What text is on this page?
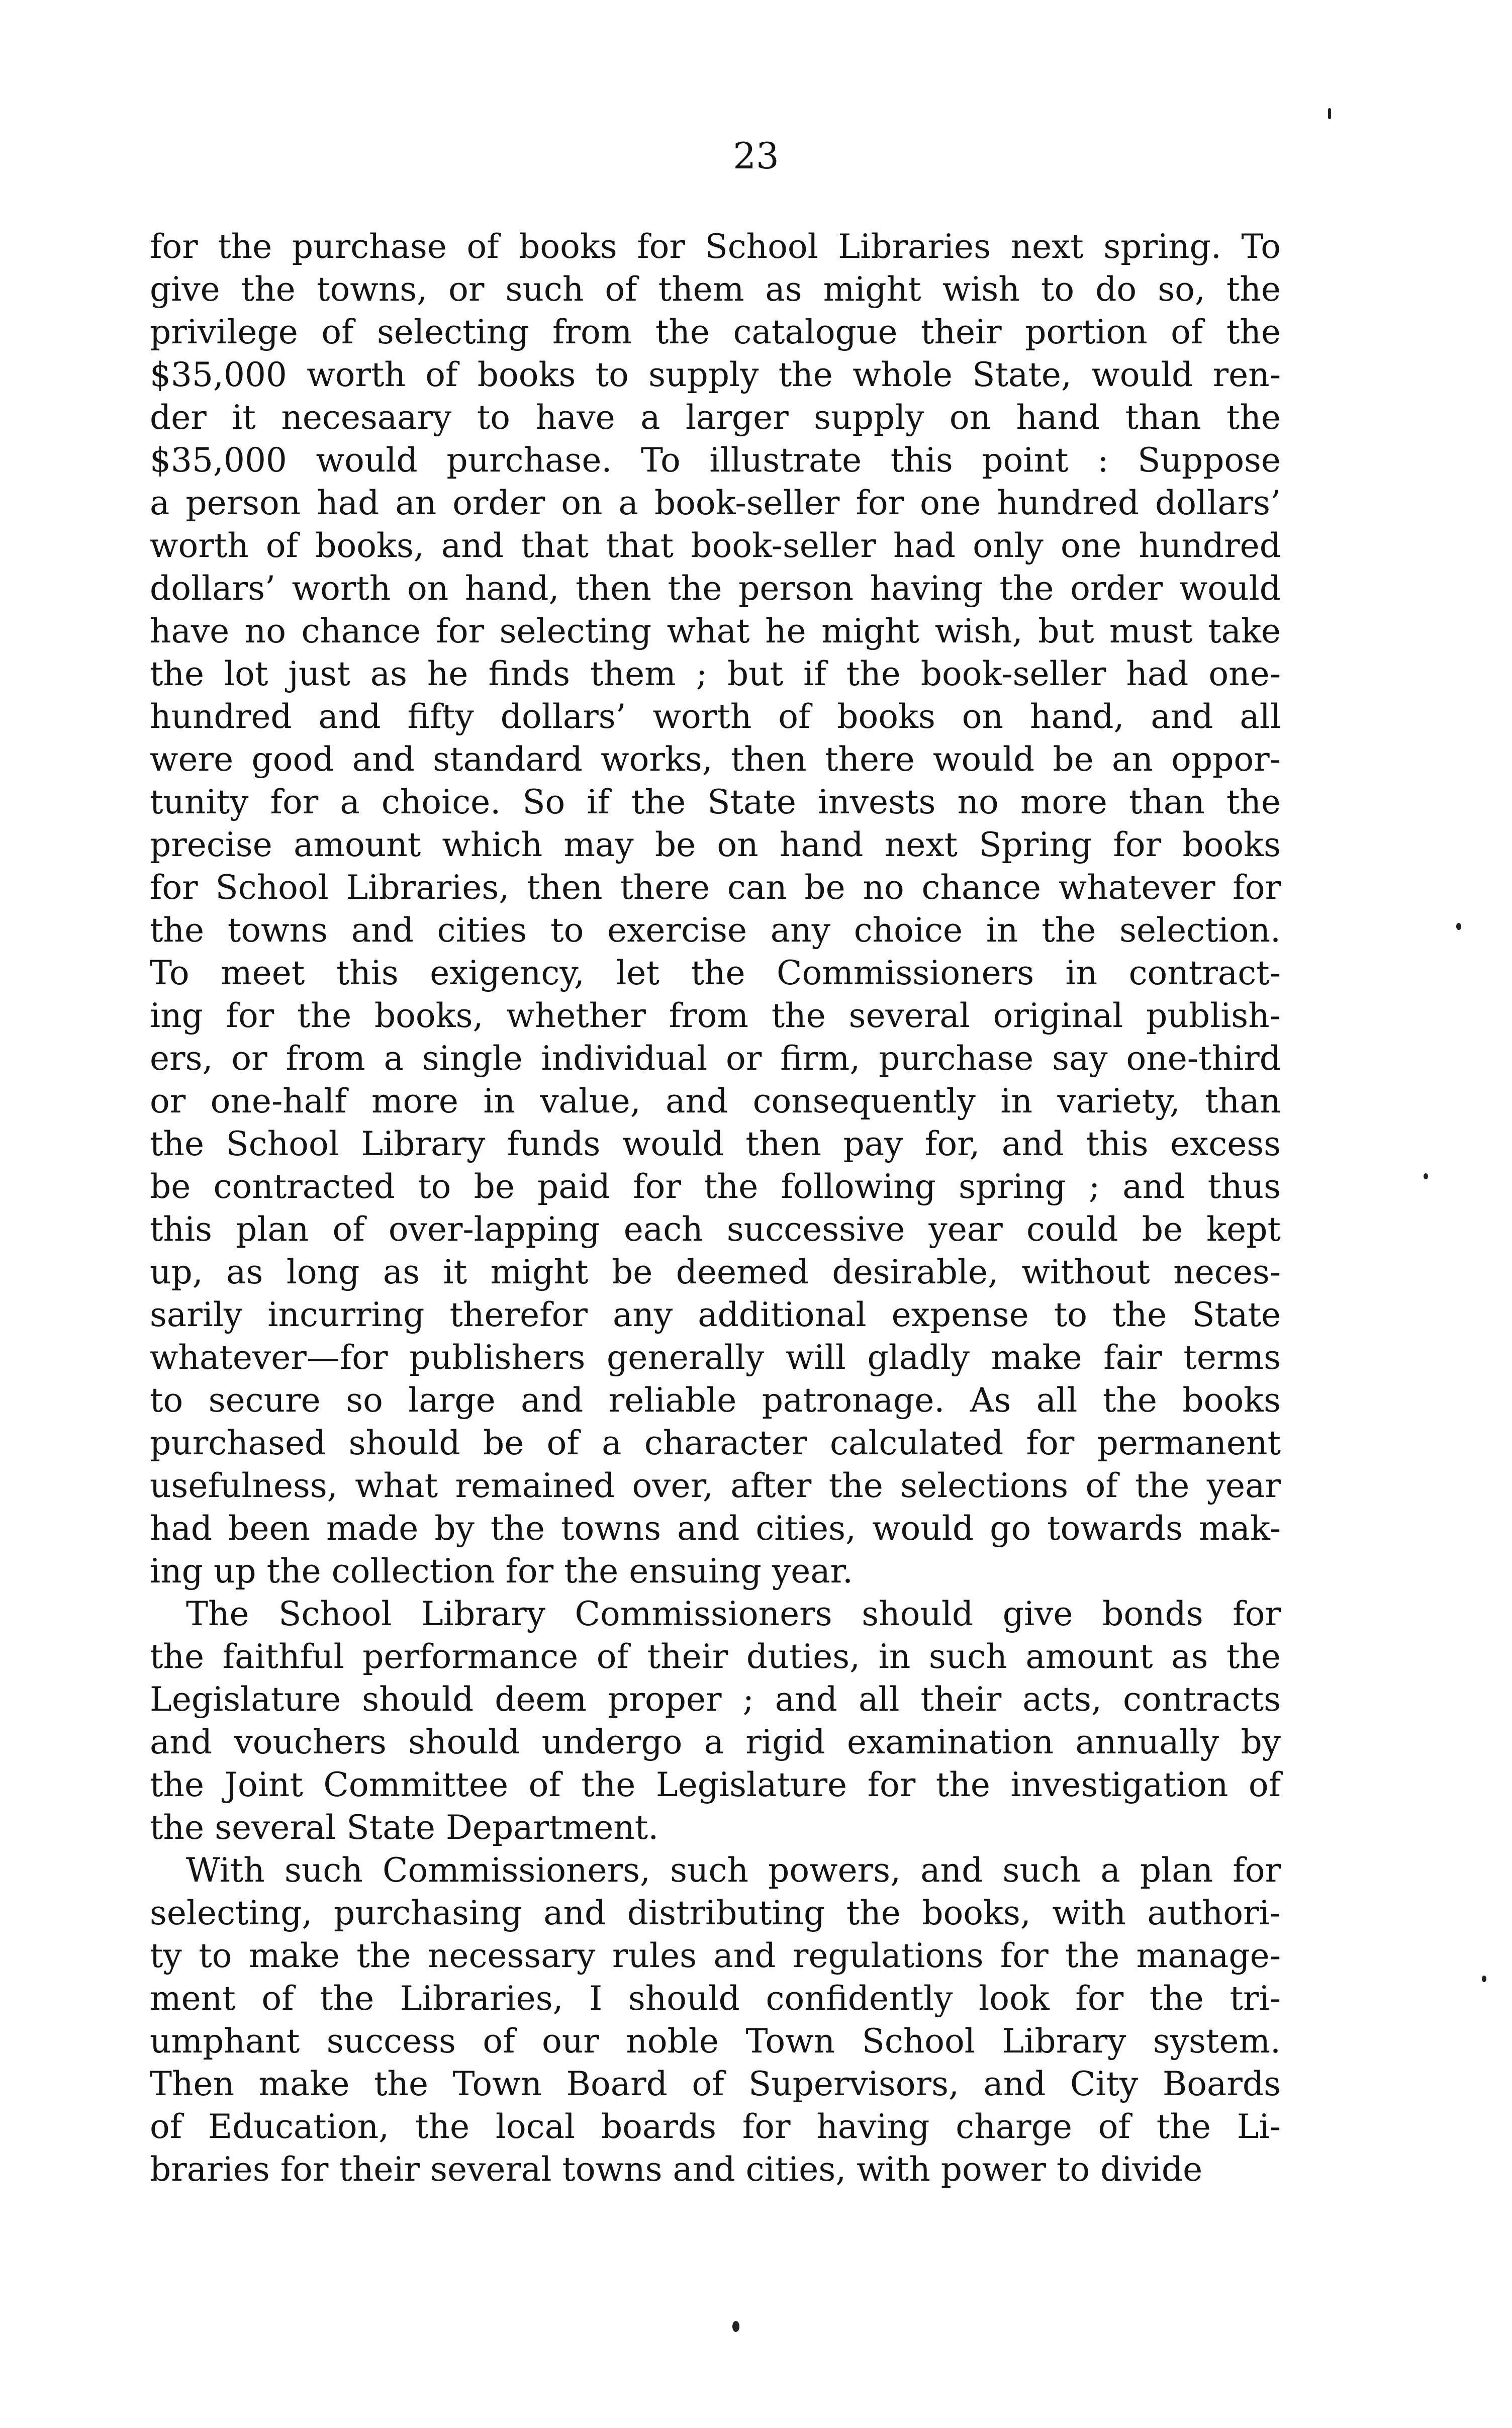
23
for the purchase of books for School Libraries next spring. To
give the towns, or such of them as might wish to do so, the
privilege of selecting from the catalogue their portion of the
$35,000 worth of books to supply the whole State, would ren-
der it necesaary to have a larger supply on hand than the
$35,000 would purchase. To illustrate this point : Suppose
a person had an order on a book-seller for one hundred dollars’
worth of books, and that that book-seller had only one hundred
dollars’ worth on hand, then the person having the order would
have no chance for selecting what he might wish, but must take
the lot just as he finds them ; but if the book-seller had one-
hundred and fifty dollars’ worth of books on hand, and all
were good and standard works, then there would be an oppor-
tunity for a choice. So if the State invests no more than the
precise amount which may be on hand next Spring for books
for School Libraries, then there can be no chance whatever for
the towns and cities to exercise any choice in the selection.
To meet this exigency, let the Commissioners in contract-
ing for the books, whether from the several original publish-
ers, or from a single individual or firm, purchase say one-third
or one-half more in value, and consequently in variety, than
the School Library funds would then pay for, and this excess
be contracted to be paid for the following spring ; and thus
this plan of over-lapping each successive year could be kept
up, as long as it might be deemed desirable, without neces-
sarily incurring therefor any additional expense to the State
whatever—for publishers generally will gladly make fair terms
to secure so large and reliable patronage. As all the books
purchased should be of a character calculated for permanent
usefulness, what remained over, after the selections of the year
had been made by the towns and cities, would go towards mak-
ing up the collection for the ensuing year.
The School Library Commissioners should give bonds for
the faithful performance of their duties, in such amount as the
Legislature should deem proper ; and all their acts, contracts
and vouchers should undergo a rigid examination annually by
the Joint Committee of the Legislature for the investigation of
the several State Department.
With such Commissioners, such powers, and such a plan for
selecting, purchasing and distributing the books, with authori-
ty to make the necessary rules and regulations for the manage-
ment of the Libraries, I should confidently look for the tri-
umphant success of our noble Town School Library system.
Then make the Town Board of Supervisors, and City Boards
of Education, the local boards for having charge of the Li-
braries for their several towns and cities, with power to divide
